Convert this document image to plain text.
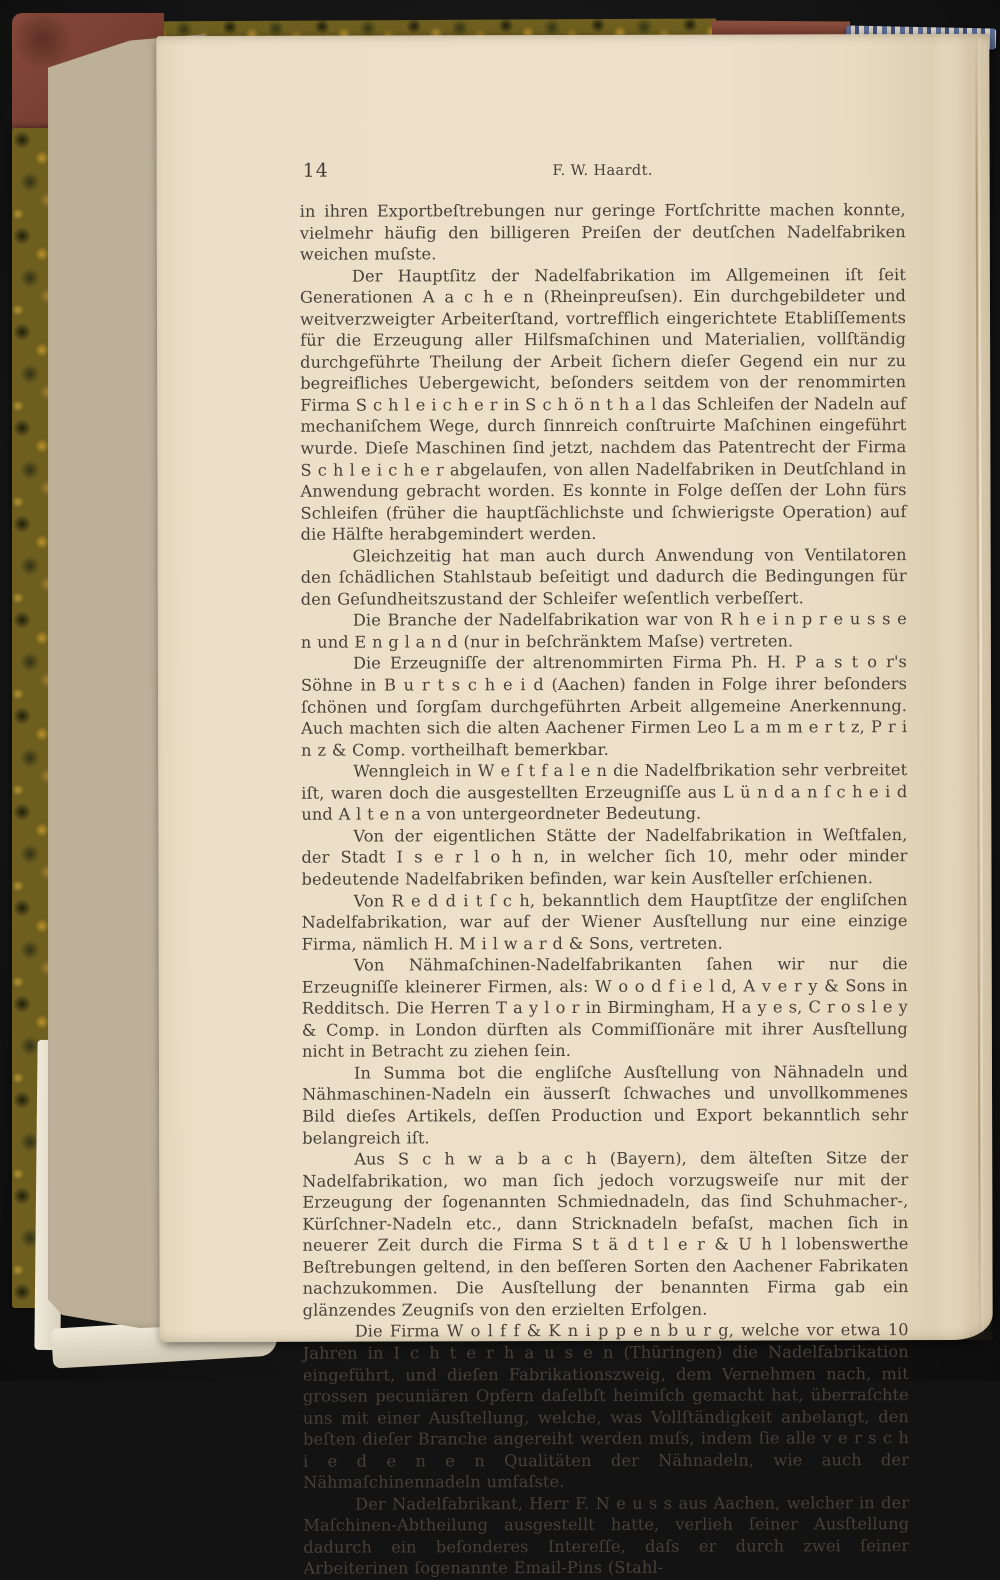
14	F. W. Haardt.

in ihren Exportbeſtrebungen nur geringe Fortſchritte machen konnte, vielmehr häufig den billigeren Preiſen der deutſchen Nadelfabriken weichen muſste.

Der Hauptſitz der Nadelfabrikation im Allgemeinen iſt ſeit Generationen A a c h e n (Rheinpreuſsen). Ein durchgebildeter und weitverzweigter Arbeiterſtand, vortrefflich eingerichtete Etabliſſements für die Erzeugung aller Hilfsmaſchinen und Materialien, vollſtändig durchgeführte Theilung der Arbeit ſichern dieſer Gegend ein nur zu begreifliches Uebergewicht, beſonders seitdem von der renommirten Firma S c h l e i c h e r in S c h ö n t h a l das Schleifen der Nadeln auf mechaniſchem Wege, durch ſinnreich conſtruirte Maſchinen eingeführt wurde. Dieſe Maschinen ſind jetzt, nachdem das Patentrecht der Firma S c h l e i c h e r abgelaufen, von allen Nadelfabriken in Deutſchland in Anwendung gebracht worden. Es konnte in Folge deſſen der Lohn fürs Schleifen (früher die hauptſächlichste und ſchwierigste Operation) auf die Hälfte herabgemindert werden.

Gleichzeitig hat man auch durch Anwendung von Ventilatoren den ſchädlichen Stahlstaub beſeitigt und dadurch die Bedingungen für den Geſundheitszustand der Schleifer weſentlich verbeſſert.

Die Branche der Nadelfabrikation war von R h e i n p r e u s s e n und E n g l a n d (nur in beſchränktem Maſse) vertreten.

Die Erzeugniſſe der altrenommirten Firma Ph. H. P a s t o r's Söhne in B u r t s c h e i d (Aachen) fanden in Folge ihrer beſonders ſchönen und ſorgſam durchgeführten Arbeit allgemeine Anerkennung. Auch machten sich die alten Aachener Firmen Leo L a m m e r t z, P r i n z & Comp. vortheilhaft bemerkbar.

Wenngleich in W e ſ t f a l e n die Nadelfbrikation sehr verbreitet iſt, waren doch die ausgestellten Erzeugniſſe aus L ü n d a n ſ c h e i d und A l t e n a von untergeordneter Bedeutung.

Von der eigentlichen Stätte der Nadelfabrikation in Weſtfalen, der Stadt I s e r l o h n, in welcher ſich 10, mehr oder minder bedeutende Nadelfabriken befinden, war kein Ausſteller erſchienen.

Von R e d d i t ſ c h, bekanntlich dem Hauptſitze der engliſchen Nadelfabrikation, war auf der Wiener Ausſtellung nur eine einzige Firma, nämlich H. M i l w a r d & Sons, vertreten.

Von Nähmaſchinen-Nadelfabrikanten ſahen wir nur die Erzeugniſſe kleinerer Firmen, als: W o o d f i e l d, A v e r y & Sons in Redditsch. Die Herren T a y l o r in Birmingham, H a y e s, C r o s l e y & Comp. in London dürften als Commiſſionäre mit ihrer Ausſtellung nicht in Betracht zu ziehen ſein.

In Summa bot die engliſche Ausſtellung von Nähnadeln und Nähmaschinen-Nadeln ein äusserſt ſchwaches und unvollkommenes Bild dieſes Artikels, deſſen Production und Export bekanntlich sehr belangreich iſt.

Aus S c h w a b a c h (Bayern), dem älteſten Sitze der Nadelfabrikation, wo man ſich jedoch vorzugsweiſe nur mit der Erzeugung der ſogenannten Schmiednadeln, das ſind Schuhmacher-, Kürſchner-Nadeln etc., dann Stricknadeln befaſst, machen ſich in neuerer Zeit durch die Firma S t ä d t l e r & U h l lobenswerthe Beſtrebungen geltend, in den beſſeren Sorten den Aachener Fabrikaten nachzukommen. Die Ausſtellung der benannten Firma gab ein glänzendes Zeugniſs von den erzielten Erfolgen.

Die Firma W o l f f & K n i p p e n b u r g, welche vor etwa 10 Jahren in I c h t e r h a u s e n (Thüringen) die Nadelfabrikation eingeführt, und dieſen Fabrikationszweig, dem Vernehmen nach, mit grossen pecuniären Opfern daſelbſt heimiſch gemacht hat, überraſchte uns mit einer Ausſtellung, welche, was Vollſtändigkeit anbelangt, den beſten dieſer Branche angereiht werden muſs, indem ſie alle v e r s c h i e d e n e n Qualitäten der Nähnadeln, wie auch der Nähmaſchinennadeln umfaſste.

Der Nadelfabrikant, Herr F. N e u s s aus Aachen, welcher in der Maſchinen-Abtheilung ausgestellt hatte, verlieh ſeiner Ausſtellung dadurch ein beſonderes Intereſſe, daſs er durch zwei ſeiner Arbeiterinen ſogenannte Email-Pins (Stahl-
